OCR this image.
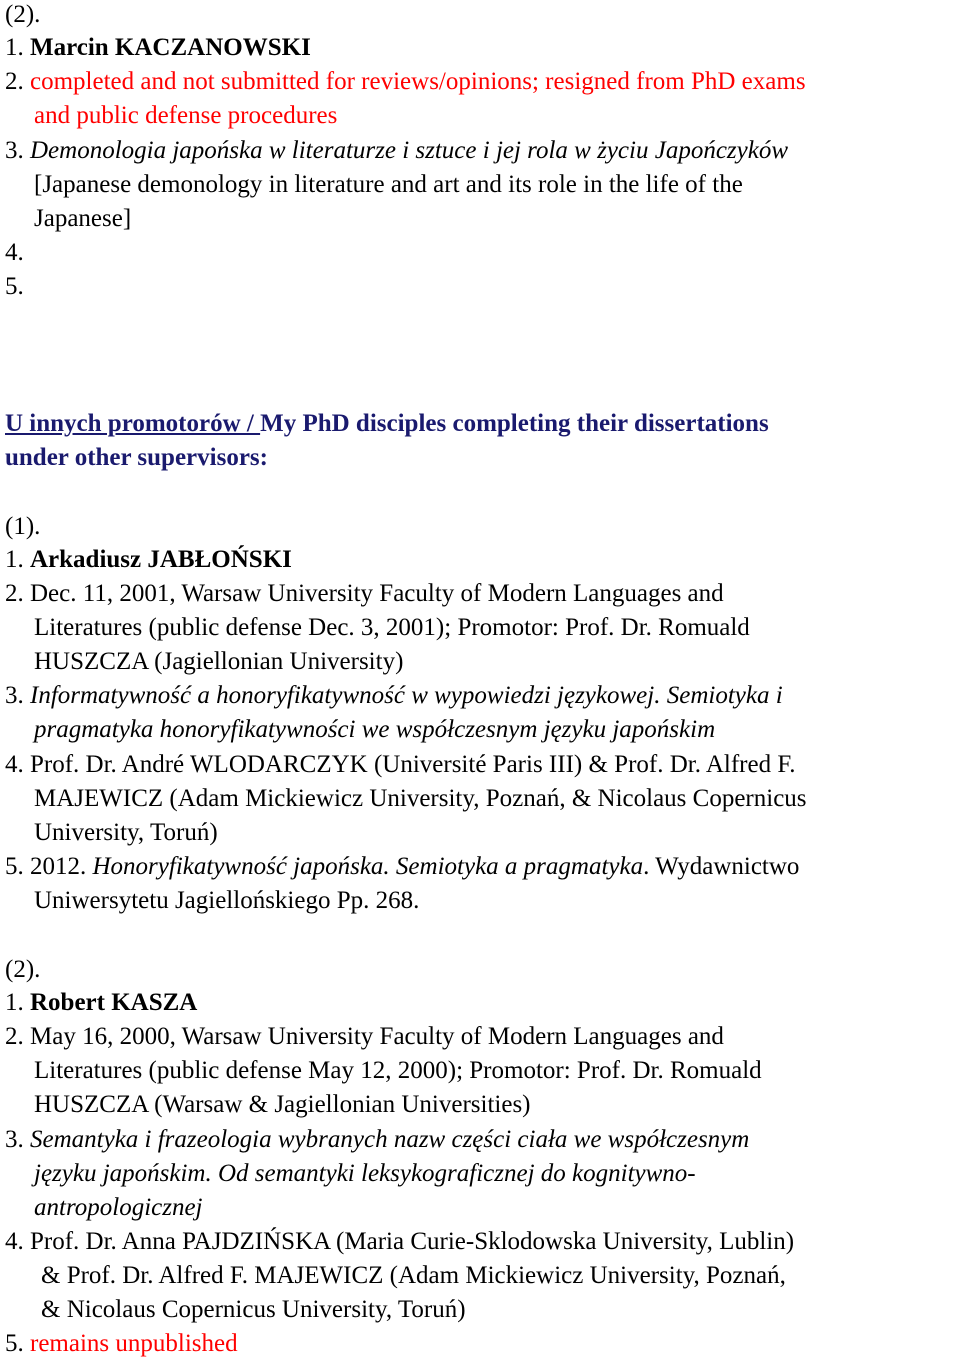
(2).
1. Marcin KACZANOWSKI
2. completed and not submitted for reviews/opinions; resigned from PhD exams
and public defense procedures
3. Demonologia japońska w literaturze i sztuce i jej rola w życiu Japończyków
[Japanese demonology in literature and art and its role in the life of the
Japanese]
4.
5.
U innych promotorów / My PhD disciples completing their dissertations
under other supervisors:
(1).
1. Arkadiusz JABŁOŃSKI
2. Dec. 11, 2001, Warsaw University Faculty of Modern Languages and
Literatures (public defense Dec. 3, 2001); Promotor: Prof. Dr. Romuald
HUSZCZA (Jagiellonian University)
3. Informatywność a honoryfikatywność w wypowiedzi językowej. Semiotyka i
pragmatyka honoryfikatywności we współczesnym języku japońskim
4. Prof. Dr. André WLODARCZYK (Université Paris III) & Prof. Dr. Alfred F.
MAJEWICZ (Adam Mickiewicz University, Poznań, & Nicolaus Copernicus
University, Toruń)
5. 2012. Honoryfikatywność japońska. Semiotyka a pragmatyka. Wydawnictwo
Uniwersytetu Jagiellońskiego Pp. 268.
(2).
1. Robert KASZA
2. May 16, 2000, Warsaw University Faculty of Modern Languages and
Literatures (public defense May 12, 2000); Promotor: Prof. Dr. Romuald
HUSZCZA (Warsaw & Jagiellonian Universities)
3. Semantyka i frazeologia wybranych nazw części ciała we współczesnym
języku japońskim. Od semantyki leksykograficznej do kognitywno-
antropologicznej
4. Prof. Dr. Anna PAJDZIŃSKA (Maria Curie-Sklodowska University, Lublin)
& Prof. Dr. Alfred F. MAJEWICZ (Adam Mickiewicz University, Poznań,
& Nicolaus Copernicus University, Toruń)
5. remains unpublished
